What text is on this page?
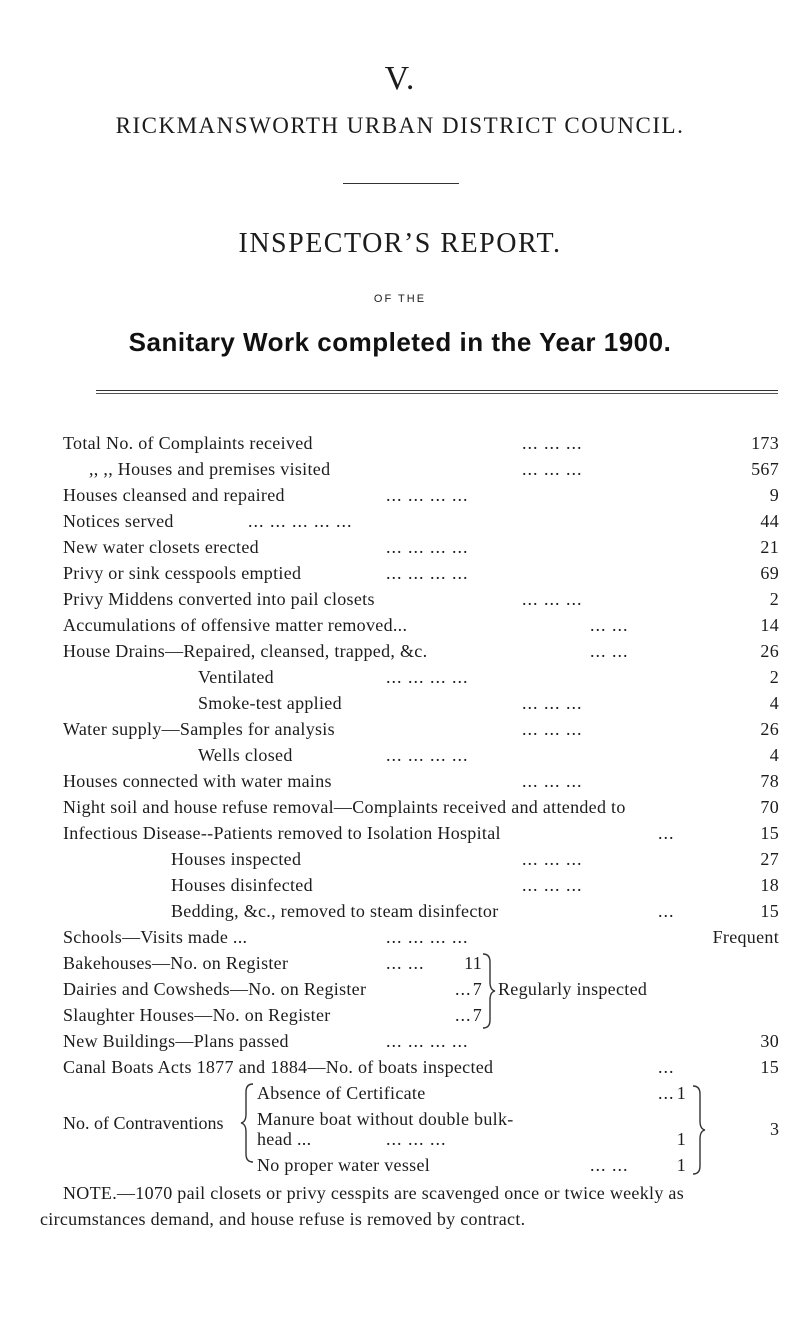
V.
RICKMANSWORTH URBAN DISTRICT COUNCIL.
INSPECTOR’S REPORT.
OF THE
Sanitary Work completed in the Year 1900.
Total No. of Complaints received	... ... ...	173
,, ,, Houses and premises visited	... ... ...	567
Houses cleansed and repaired	... ... ... ...	9
Notices served	... ... ... ... ...	44
New water closets erected	... ... ... ...	21
Privy or sink cesspools emptied	... ... ... ...	69
Privy Middens converted into pail closets	... ... ...	2
Accumulations of offensive matter removed...	... ...	14
House Drains—Repaired, cleansed, trapped, &c.	... ...	26
Ventilated	... ... ... ...	2
Smoke-test applied	... ... ...	4
Water supply—Samples for analysis	... ... ...	26
Wells closed	... ... ... ...	4
Houses connected with water mains	... ... ...	78
Night soil and house refuse removal—Complaints received and attended to	70
Infectious Disease--Patients removed to Isolation Hospital	...	15
Houses inspected	... ... ...	27
Houses disinfected	... ... ...	18
Bedding, &c., removed to steam disinfector	...	15
Schools—Visits made ...	... ... ... ...	Frequent
Bakehouses—No. on Register	... ... 11
Dairies and Cowsheds—No. on Register	... 7 Regularly inspected
Slaughter Houses—No. on Register	... 7
New Buildings—Plans passed	... ... ... ...	30
Canal Boats Acts 1877 and 1884—No. of boats inspected	...	15
No. of Contraventions
Absence of Certificate	... 1
Manure boat without double bulk-
head ...	... ... ...	1
No proper water vessel	... ...	1
3
NOTE.—1070 pail closets or privy cesspits are scavenged once or twice weekly as circumstances demand, and house refuse is removed by contract.
